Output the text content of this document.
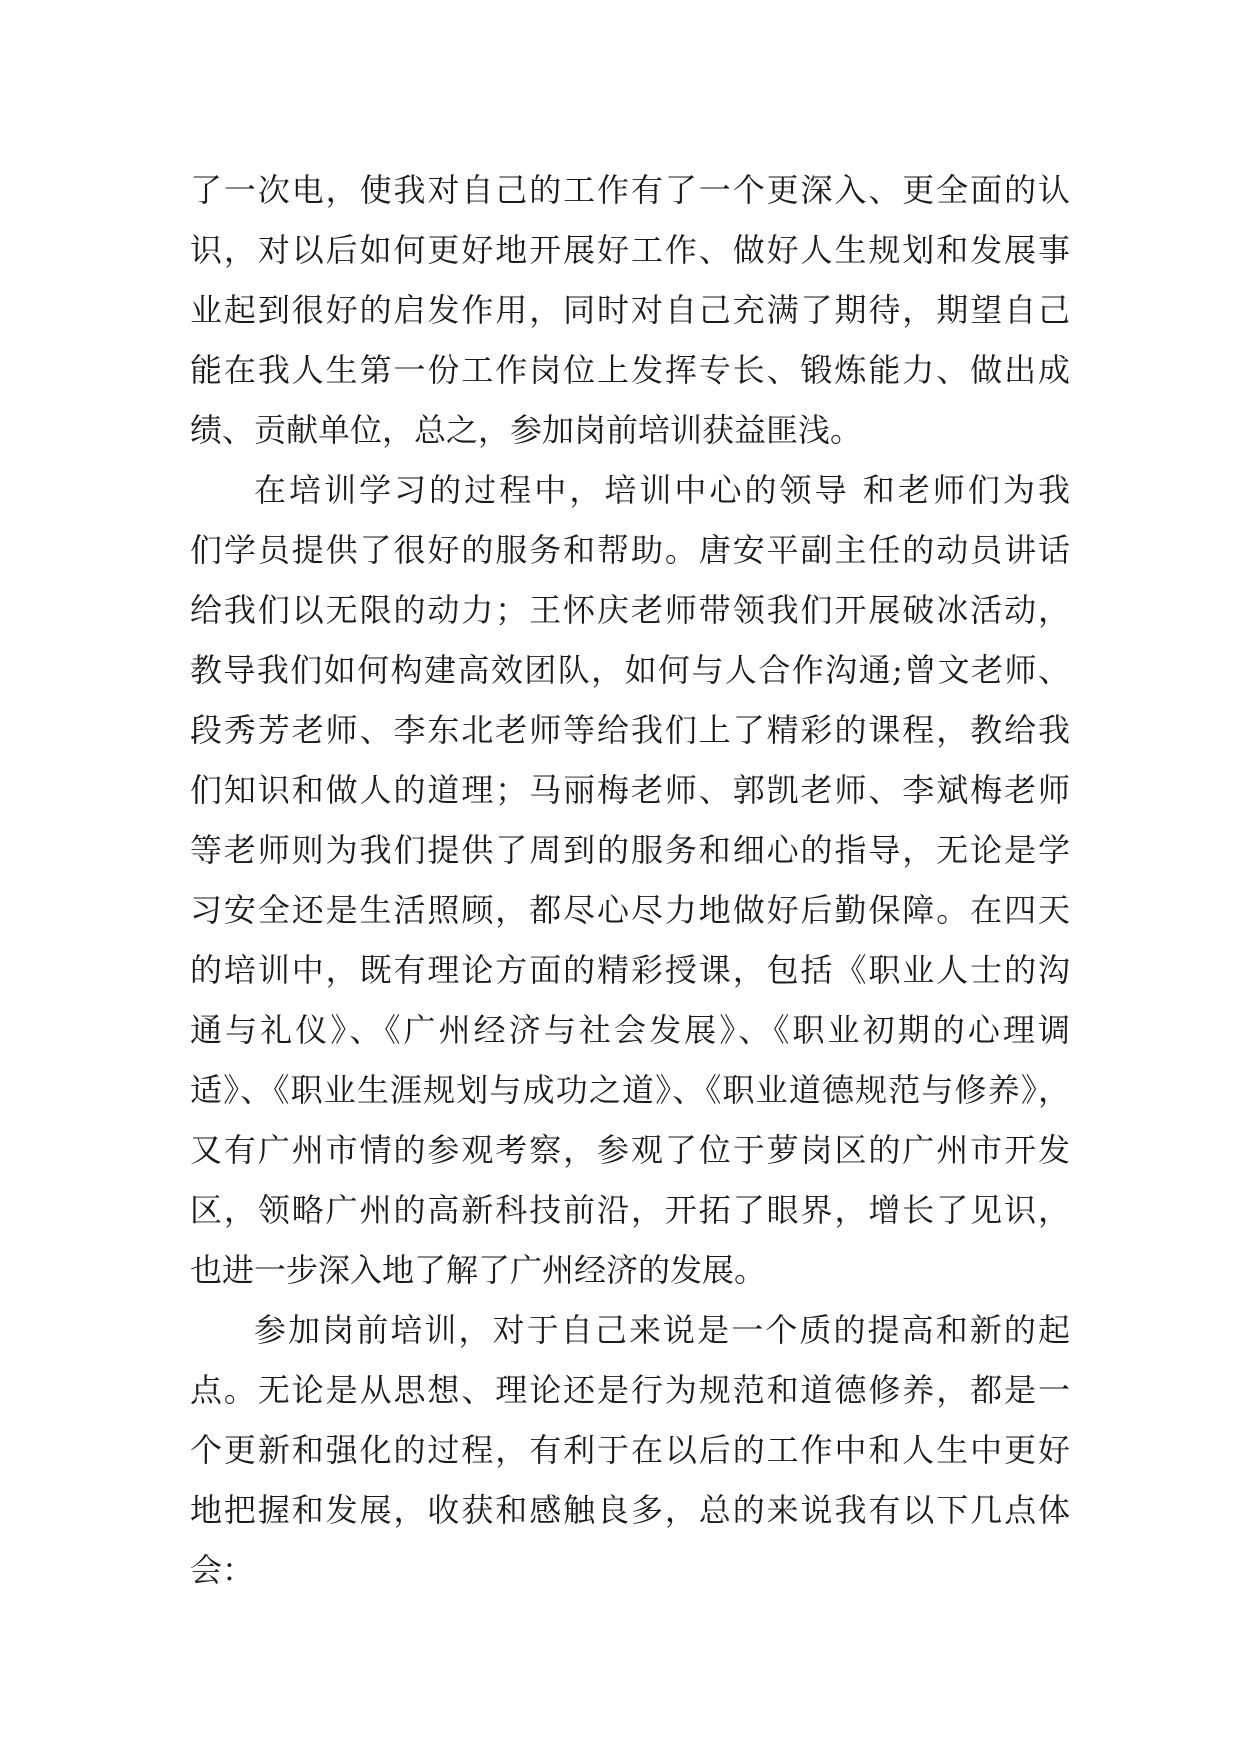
了一次电，使我对自己的工作有了一个更深入、更全面的认
识，对以后如何更好地开展好工作、做好人生规划和发展事
业起到很好的启发作用，同时对自己充满了期待，期望自己
能在我人生第一份工作岗位上发挥专长、锻炼能力、做出成
绩、贡献单位，总之，参加岗前培训获益匪浅。
在培训学习的过程中，培训中心的领导 和老师们为我
们学员提供了很好的服务和帮助。唐安平副主任的动员讲话
给我们以无限的动力；王怀庆老师带领我们开展破冰活动，
教导我们如何构建高效团队，如何与人合作沟通;曾文老师、
段秀芳老师、李东北老师等给我们上了精彩的课程，教给我
们知识和做人的道理；马丽梅老师、郭凯老师、李斌梅老师
等老师则为我们提供了周到的服务和细心的指导，无论是学
习安全还是生活照顾，都尽心尽力地做好后勤保障。在四天
的培训中，既有理论方面的精彩授课，包括《职业人士的沟
通与礼仪》、《广州经济与社会发展》、《职业初期的心理调
适》、《职业生涯规划与成功之道》、《职业道德规范与修养》，
又有广州市情的参观考察，参观了位于萝岗区的广州市开发
区，领略广州的高新科技前沿，开拓了眼界，增长了见识，
也进一步深入地了解了广州经济的发展。
参加岗前培训，对于自己来说是一个质的提高和新的起
点。无论是从思想、理论还是行为规范和道德修养，都是一
个更新和强化的过程，有利于在以后的工作中和人生中更好
地把握和发展，收获和感触良多，总的来说我有以下几点体
会：
